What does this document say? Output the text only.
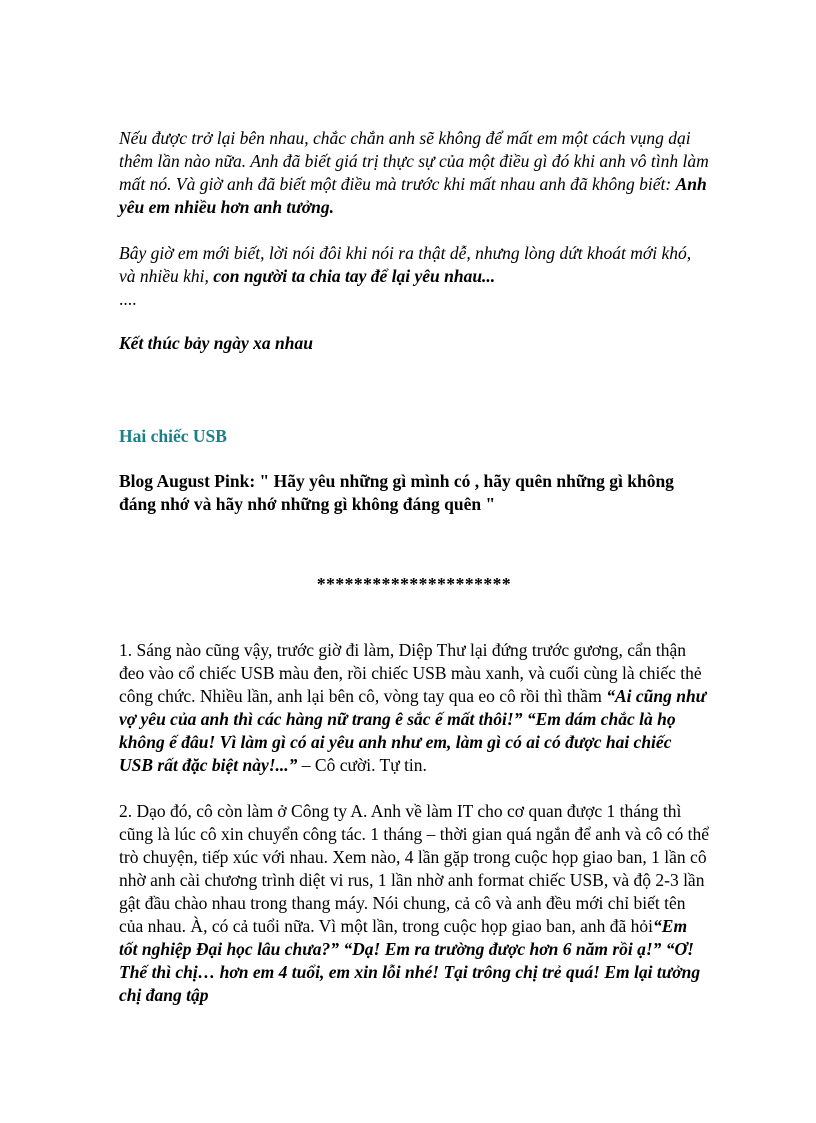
Nếu được trở lại bên nhau, chắc chắn anh sẽ không để mất em một cách vụng dại thêm lần nào nữa. Anh đã biết giá trị thực sự của một điều gì đó khi anh vô tình làm mất nó. Và giờ anh đã biết một điều mà trước khi mất nhau anh đã không biết: Anh yêu em nhiều hơn anh tưởng.

Bây giờ em mới biết, lời nói đôi khi nói ra thật dễ, nhưng lòng dứt khoát mới khó, và nhiều khi, con người ta chia tay để lại yêu nhau...

....

Kết thúc bảy ngày xa nhau

Hai chiếc USB

Blog August Pink: " Hãy yêu những gì mình có , hãy quên những gì không đáng nhớ và hãy nhớ những gì không đáng quên "

*********************

1. Sáng nào cũng vậy, trước giờ đi làm, Diệp Thư lại đứng trước gương, cẩn thận đeo vào cổ chiếc USB màu đen, rồi chiếc USB màu xanh, và cuối cùng là chiếc thẻ công chức. Nhiều lần, anh lại bên cô, vòng tay qua eo cô rồi thì thầm “Ai cũng như vợ yêu của anh thì các hàng nữ trang ê sắc ế mất thôi!” “Em dám chắc là họ không ế đâu! Vì làm gì có ai yêu anh như em, làm gì có ai có được hai chiếc USB rất đặc biệt này!...” – Cô cười. Tự tin.

2. Dạo đó, cô còn làm ở Công ty A. Anh về làm IT cho cơ quan được 1 tháng thì cũng là lúc cô xin chuyển công tác. 1 tháng – thời gian quá ngắn để anh và cô có thể trò chuyện, tiếp xúc với nhau. Xem nào, 4 lần gặp trong cuộc họp giao ban, 1 lần cô nhờ anh cài chương trình diệt vi rus, 1 lần nhờ anh format chiếc USB, và độ 2-3 lần gật đầu chào nhau trong thang máy. Nói chung, cả cô và anh đều mới chỉ biết tên của nhau. À, có cả tuổi nữa. Vì một lần, trong cuộc họp giao ban, anh đã hỏi“Em tốt nghiệp Đại học lâu chưa?” “Dạ! Em ra trường được hơn 6 năm rồi ạ!” “Ơ! Thế thì chị… hơn em 4 tuổi, em xin lỗi nhé! Tại trông chị trẻ quá! Em lại tưởng chị đang tập
